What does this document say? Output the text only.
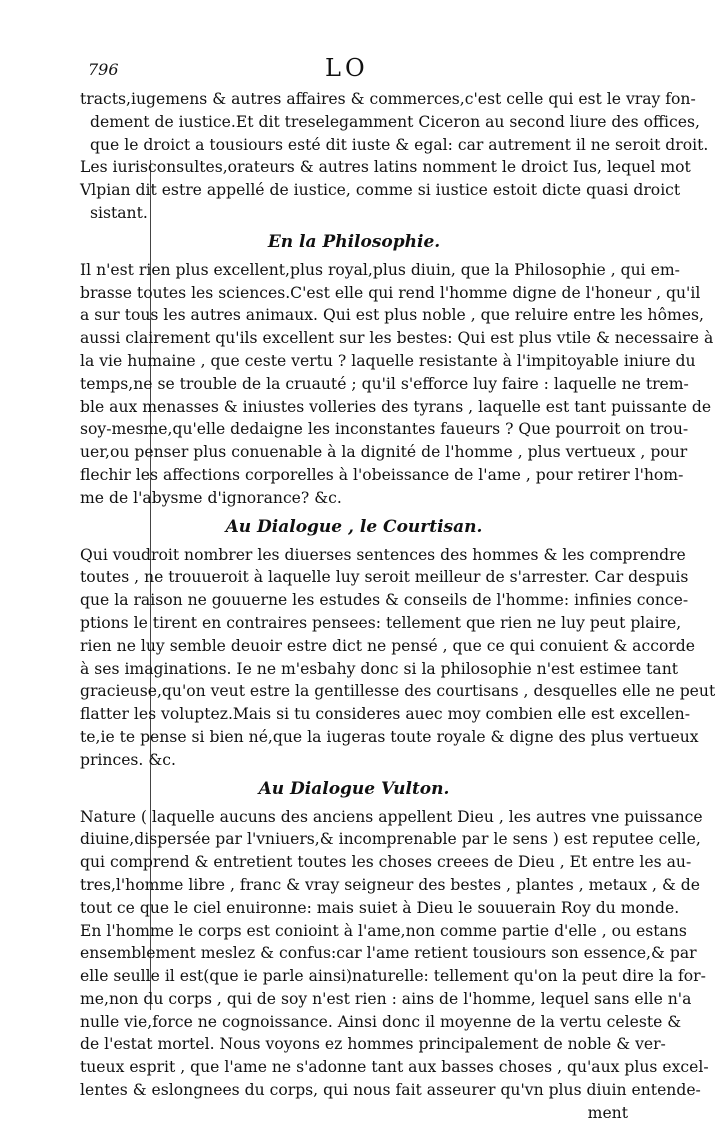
796	LO
tracts,iugemens & autres affaires & commerces,c'est celle qui est le vray fon-
dement de iustice.Et dit treselegamment Ciceron au second liure des offices,
que le droict a tousiours esté dit iuste & egal: car autrement il ne seroit droit.
Les iurisconsultes,orateurs & autres latins nomment le droict Ius, lequel mot
Vlpian dit estre appellé de iustice, comme si iustice estoit dicte quasi droict
sistant.
En la Philosophie.
Il n'est rien plus excellent,plus royal,plus diuin, que la Philosophie , qui em-
brasse toutes les sciences.C'est elle qui rend l'homme digne de l'honeur , qu'il
a sur tous les autres animaux. Qui est plus noble , que reluire entre les hômes,
aussi clairement qu'ils excellent sur les bestes: Qui est plus vtile & necessaire à
la vie humaine , que ceste vertu ? laquelle resistante à l'impitoyable iniure du
temps,ne se trouble de la cruauté ; qu'il s'efforce luy faire : laquelle ne trem-
ble aux menasses & iniustes volleries des tyrans , laquelle est tant puissante de
soy-mesme,qu'elle dedaigne les inconstantes faueurs ? Que pourroit on trou-
uer,ou penser plus conuenable à la dignité de l'homme , plus vertueux , pour
flechir les affections corporelles à l'obeissance de l'ame , pour retirer l'hom-
me de l'abysme d'ignorance? &c.
Au Dialogue , le Courtisan.
Qui voudroit nombrer les diuerses sentences des hommes & les comprendre
toutes , ne trouueroit à laquelle luy seroit meilleur de s'arrester. Car despuis
que la raison ne gouuerne les estudes & conseils de l'homme: infinies conce-
ptions le tirent en contraires pensees: tellement que rien ne luy peut plaire,
rien ne luy semble deuoir estre dict ne pensé , que ce qui conuient & accorde
à ses imaginations. Ie ne m'esbahy donc si la philosophie n'est estimee tant
gracieuse,qu'on veut estre la gentillesse des courtisans , desquelles elle ne peut
flatter les voluptez.Mais si tu consideres auec moy combien elle est excellen-
te,ie te pense si bien né,que la iugeras toute royale & digne des plus vertueux
princes. &c.
Au Dialogue Vulton.
Nature ( laquelle aucuns des anciens appellent Dieu , les autres vne puissance
diuine,dispersée par l'vniuers,& incomprenable par le sens ) est reputee celle,
qui comprend & entretient toutes les choses creees de Dieu , Et entre les au-
tres,l'homme libre , franc & vray seigneur des bestes , plantes , metaux , & de
tout ce que le ciel enuironne: mais suiet à Dieu le souuerain Roy du monde.
En l'homme le corps est conioint à l'ame,non comme partie d'elle , ou estans
ensemblement meslez & confus:car l'ame retient tousiours son essence,& par
elle seulle il est(que ie parle ainsi)naturelle: tellement qu'on la peut dire la for-
me,non du corps , qui de soy n'est rien : ains de l'homme, lequel sans elle n'a
nulle vie,force ne cognoissance. Ainsi donc il moyenne de la vertu celeste &
de l'estat mortel. Nous voyons ez hommes principalement de noble & ver-
tueux esprit , que l'ame ne s'adonne tant aux basses choses , qu'aux plus excel-
lentes & eslongnees du corps, qui nous fait asseurer qu'vn plus diuin entende-
ment
